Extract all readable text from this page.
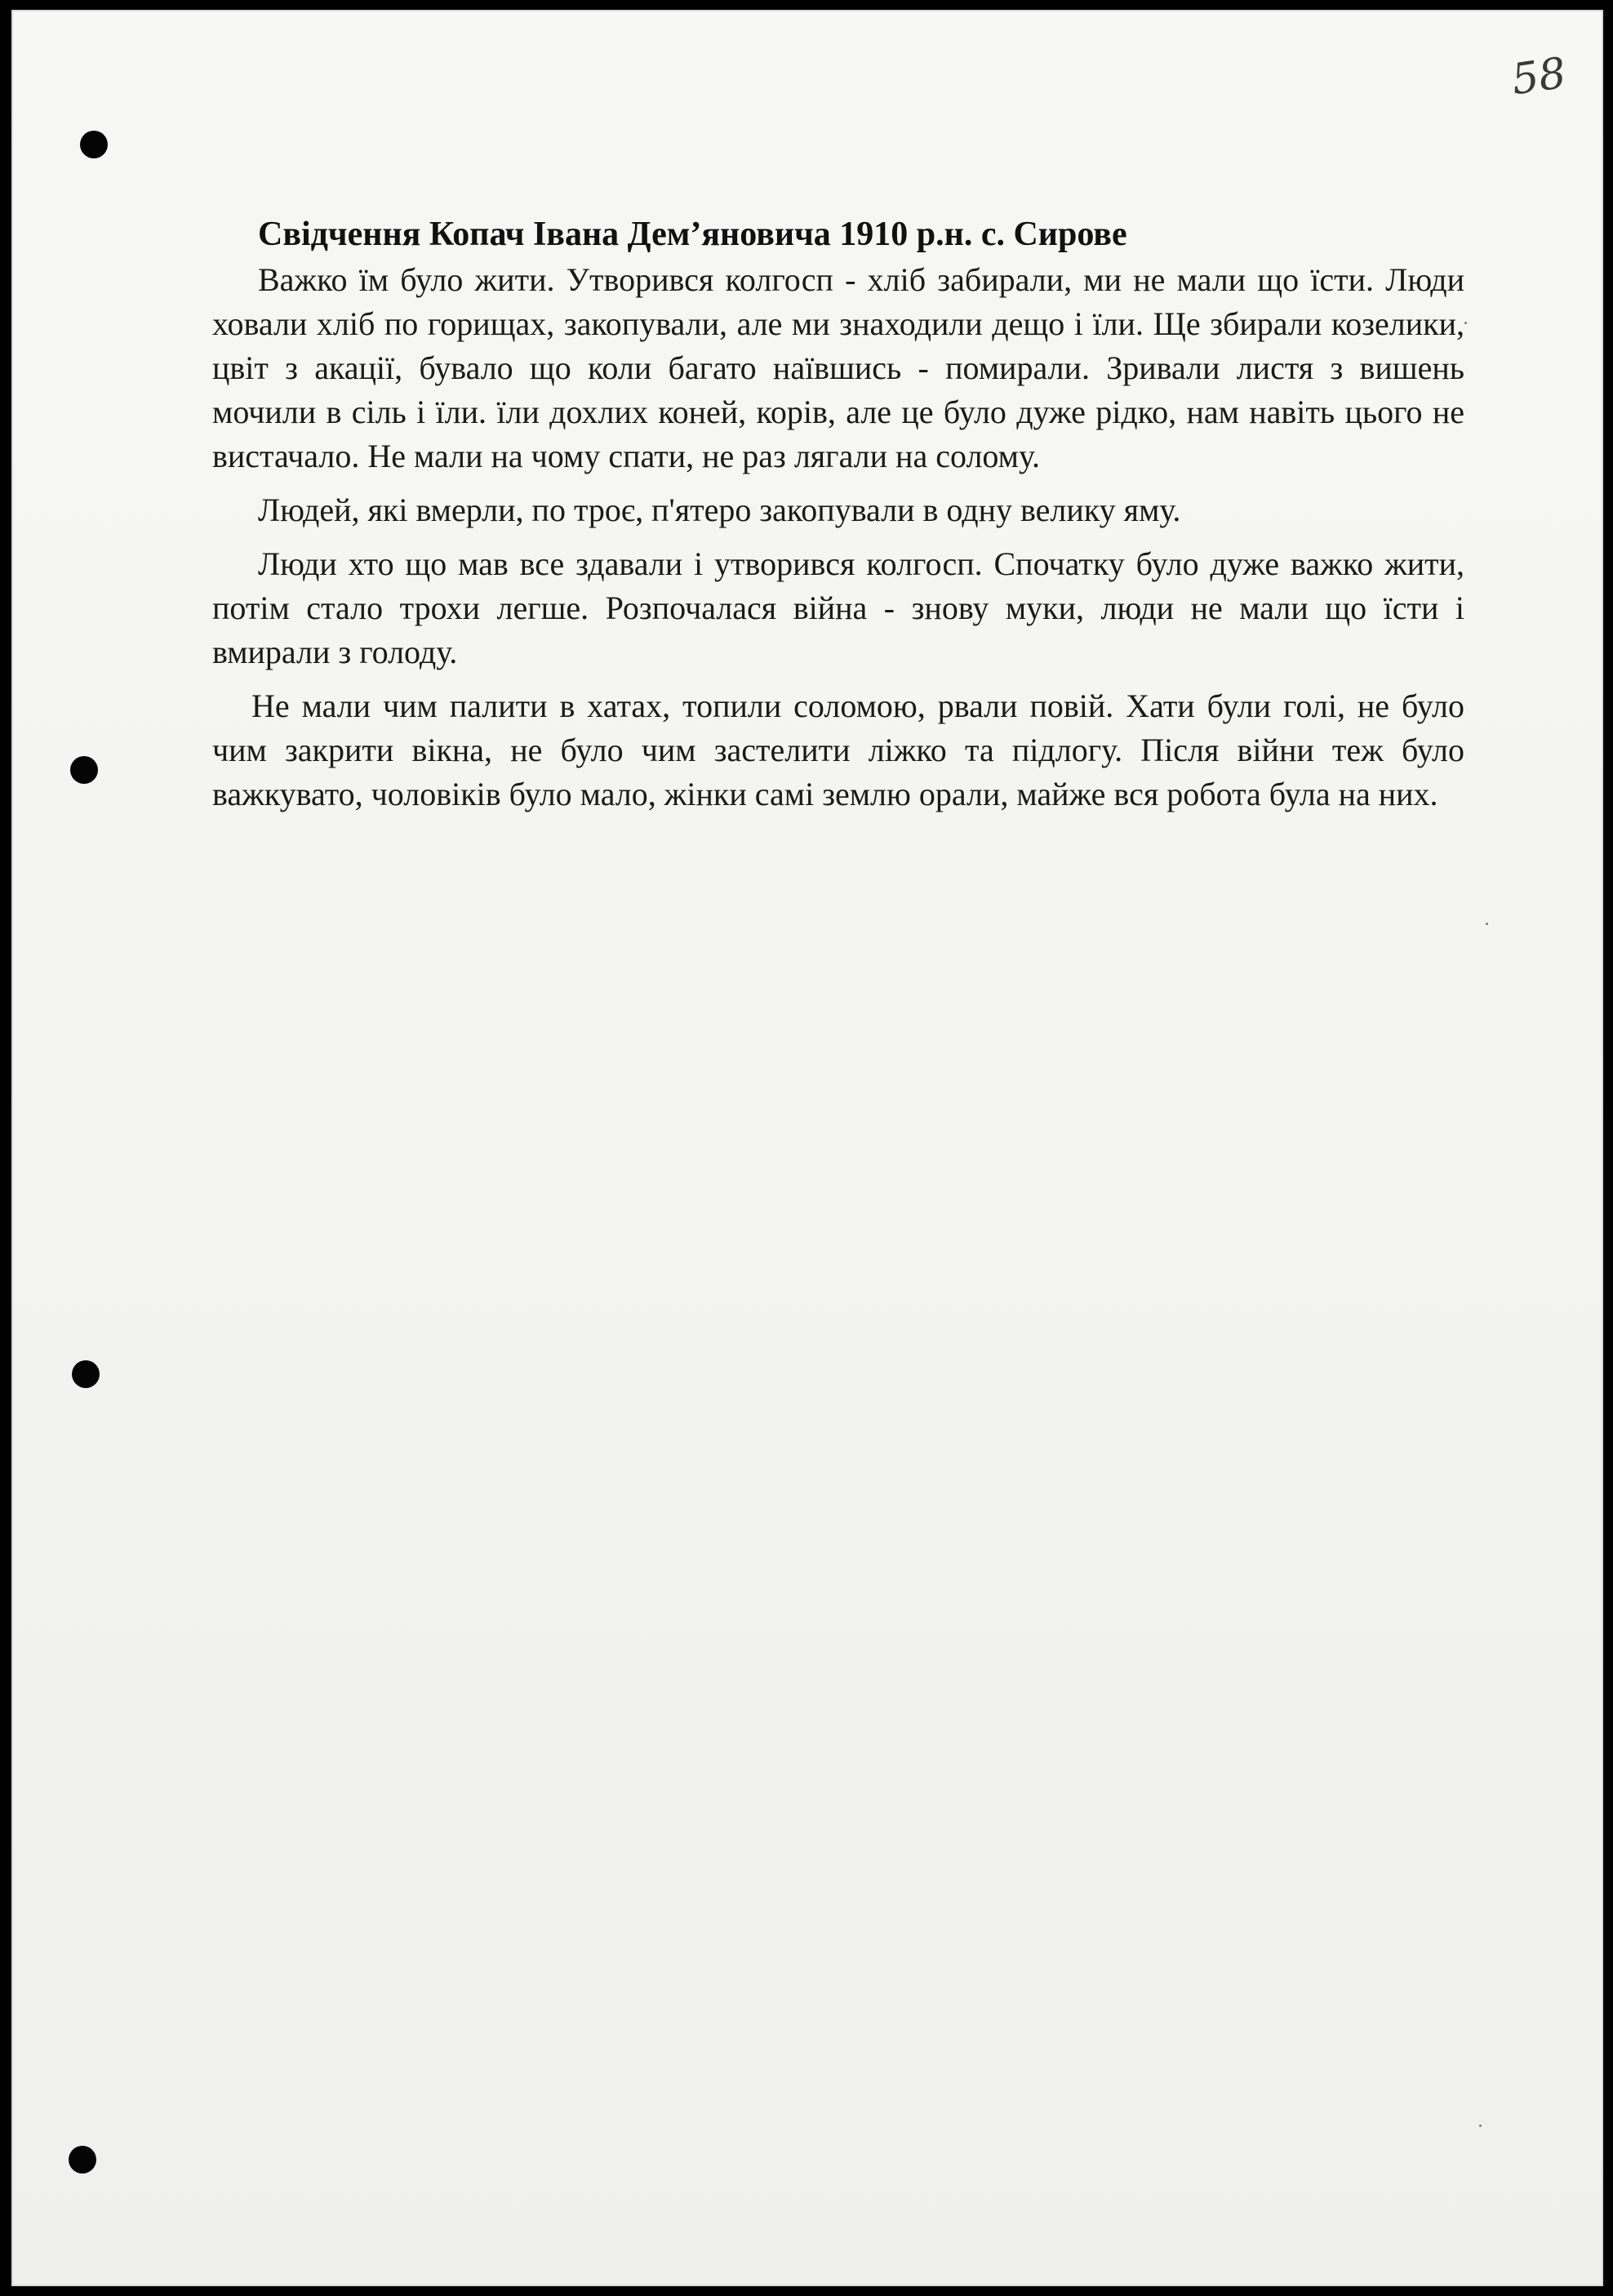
58

Свідчення Копач Івана Дем’яновича 1910 р.н. с. Сирове

Важко їм було жити. Утворився колгосп - хліб забирали, ми не мали що їсти. Люди ховали хліб по горищах, закопували, але ми знаходили дещо і їли. Ще збирали козелики, цвіт з акації, бувало що коли багато наївшись - помирали. Зривали листя з вишень мочили в сіль і їли. їли дохлих коней, корів, але це було дуже рідко, нам навіть цього не вистачало. Не мали на чому спати, не раз лягали на солому.

Людей, які вмерли, по троє, п'ятеро закопували в одну велику яму.

Люди хто що мав все здавали і утворився колгосп. Спочатку було дуже важко жити, потім стало трохи легше. Розпочалася війна - знову муки, люди не мали що їсти і вмирали з голоду.

Не мали чим палити в хатах, топили соломою, рвали повій. Хати були голі, не було чим закрити вікна, не було чим застелити ліжко та підлогу. Після війни теж було важкувато, чоловіків було мало, жінки самі землю орали, майже вся робота була на них.
